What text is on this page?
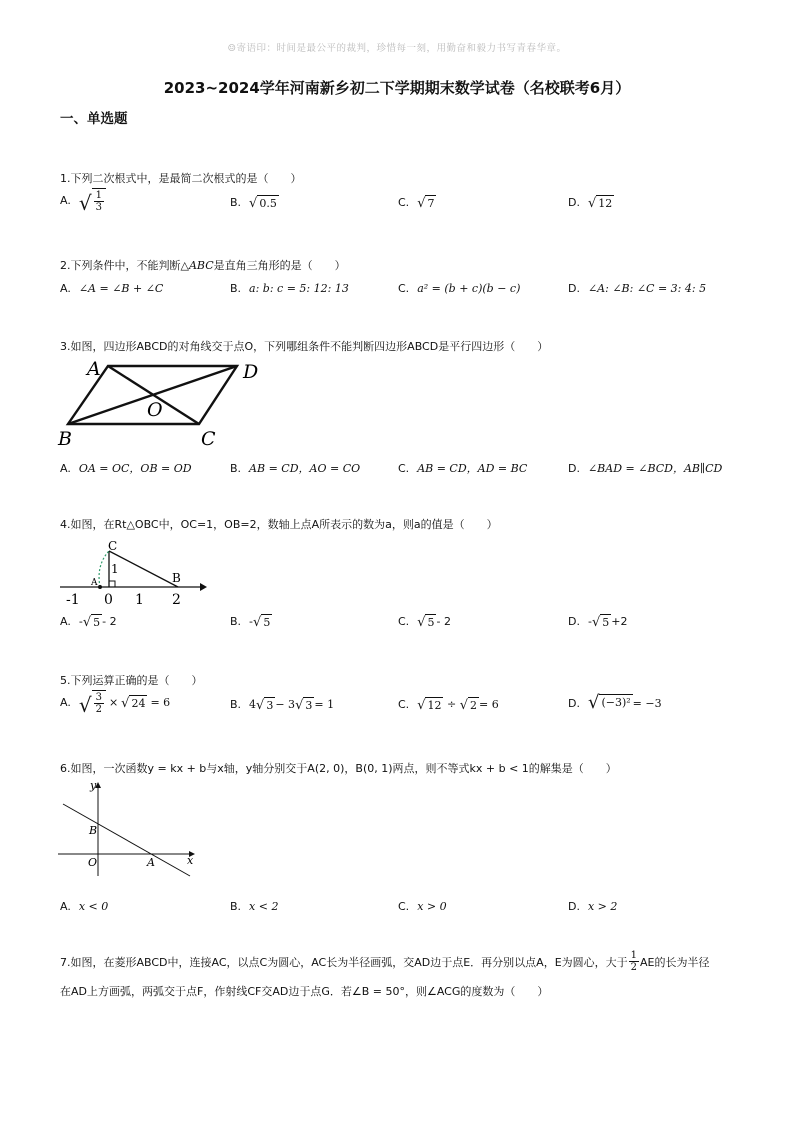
☺寄语印：时间是最公平的裁判，珍惜每一刻，用勤奋和毅力书写青春华章。
2023~2024学年河南新乡初二下学期期末数学试卷（名校联考6月）
一、单选题
1.下列二次根式中，是最简二次根式的是（　　）
A. √ $\frac{1}{3}$	B. √ 0.5	C. √ 7	D. √ 12
2.下列条件中，不能判断△ABC是直角三角形的是（　　）
A. ∠A = ∠B + ∠C	B. a: b: c = 5: 12: 13	C. a² = (b + c)(b − c)	D. ∠A: ∠B: ∠C = 3: 4: 5
3.如图，四边形ABCD的对角线交于点O，下列哪组条件不能判断四边形ABCD是平行四边形（　　）
A	D
O
B	C
A. OA = OC，OB = OD	B. AB = CD，AO = CO	C. AB = CD，AD = BC	D. ∠BAD = ∠BCD，AB∥CD
4.如图，在Rt△OBC中，OC=1，OB=2，数轴上点A所表示的数为a，则a的值是（　　）
C
1
A	B
-1 0 1 2
A. - √ 5 - 2	B. - √ 5	C. √ 5 - 2	D. - √ 5 +2
5.下列运算正确的是（　　）
A. √ $\frac{3}{2}$ × √ 24 = 6	B. 4 √ 3 − 3 √ 3 = 1	C. √ 12 ÷ √ 2 = 6	D. √ (−3)² = −3
6.如图，一次函数y = kx + b与x轴，y轴分别交于A(2, 0)，B(0, 1)两点，则不等式kx + b < 1的解集是（　　）
y
x
B
O	A
A. x < 0	B. x < 2	C. x > 0	D. x > 2
7.如图，在菱形ABCD中，连接AC，以点C为圆心，AC长为半径画弧，交AD边于点E．再分别以点A，E为圆心，大于 $\frac{1}{2}$ AE的长为半径
在AD上方画弧，两弧交于点F，作射线CF交AD边于点G．若∠B = 50°，则∠ACG的度数为（　　）
